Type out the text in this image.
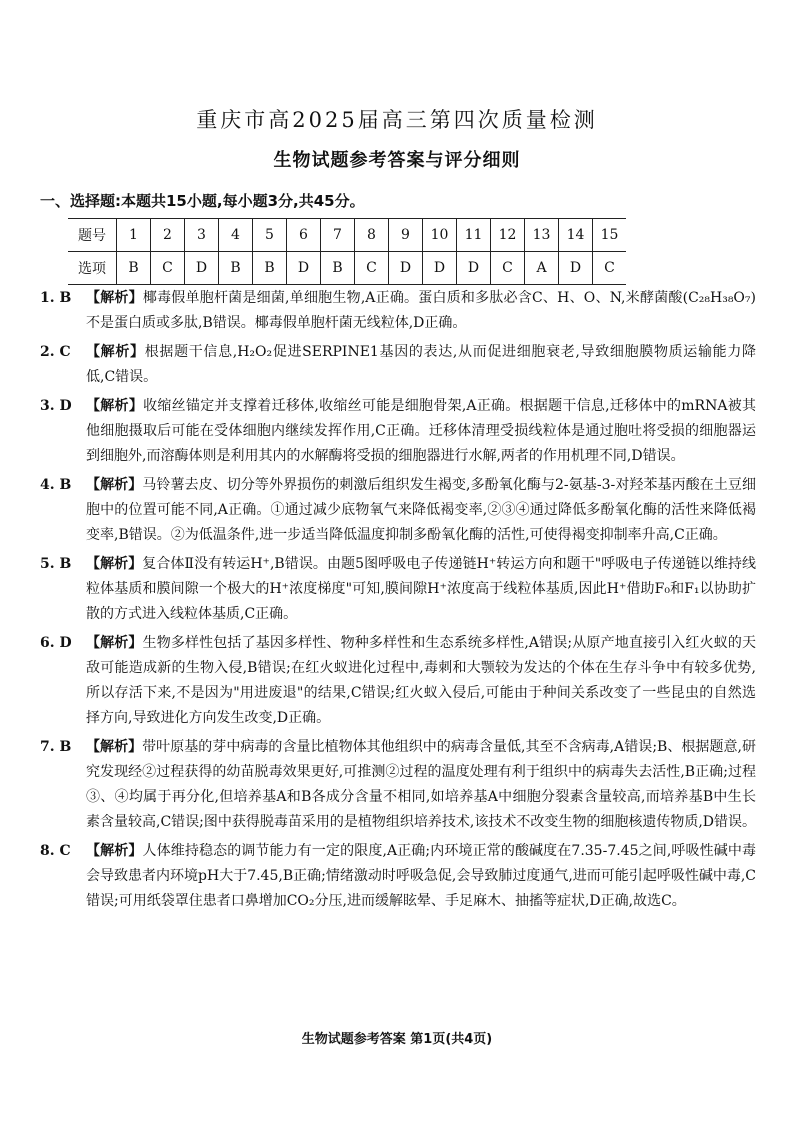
重庆市高2025届高三第四次质量检测
生物试题参考答案与评分细则
一、选择题:本题共15小题,每小题3分,共45分。
题号	1	2	3	4	5	6	7	8	9	10	11	12	13	14	15
选项	B	C	D	B	B	D	B	C	D	D	D	C	A	D	C
1. B	【解析】椰毒假单胞杆菌是细菌,单细胞生物,A正确。蛋白质和多肽必含C、H、O、N,米酵菌酸(C₂₈H₃₈O₇)不是蛋白质或多肽,B错误。椰毒假单胞杆菌无线粒体,D正确。
2. C	【解析】根据题干信息,H₂O₂促进SERPINE1基因的表达,从而促进细胞衰老,导致细胞膜物质运输能力降低,C错误。
3. D	【解析】收缩丝锚定并支撑着迁移体,收缩丝可能是细胞骨架,A正确。根据题干信息,迁移体中的mRNA被其他细胞摄取后可能在受体细胞内继续发挥作用,C正确。迁移体清理受损线粒体是通过胞吐将受损的细胞器运到细胞外,而溶酶体则是利用其内的水解酶将受损的细胞器进行水解,两者的作用机理不同,D错误。
4. B	【解析】马铃薯去皮、切分等外界损伤的刺激后组织发生褐变,多酚氧化酶与2-氨基-3-对羟苯基丙酸在土豆细胞中的位置可能不同,A正确。①通过减少底物氧气来降低褐变率,②③④通过降低多酚氧化酶的活性来降低褐变率,B错误。②为低温条件,进一步适当降低温度抑制多酚氧化酶的活性,可使得褐变抑制率升高,C正确。
5. B	【解析】复合体Ⅱ没有转运H⁺,B错误。由题5图呼吸电子传递链H⁺转运方向和题干"呼吸电子传递链以维持线粒体基质和膜间隙一个极大的H⁺浓度梯度"可知,膜间隙H⁺浓度高于线粒体基质,因此H⁺借助F₀和F₁以协助扩散的方式进入线粒体基质,C正确。
6. D	【解析】生物多样性包括了基因多样性、物种多样性和生态系统多样性,A错误;从原产地直接引入红火蚁的天敌可能造成新的生物入侵,B错误;在红火蚁进化过程中,毒刺和大颚较为发达的个体在生存斗争中有较多优势,所以存活下来,不是因为"用进废退"的结果,C错误;红火蚁入侵后,可能由于种间关系改变了一些昆虫的自然选择方向,导致进化方向发生改变,D正确。
7. B	【解析】带叶原基的芽中病毒的含量比植物体其他组织中的病毒含量低,其至不含病毒,A错误;B、根据题意,研究发现经②过程获得的幼苗脱毒效果更好,可推测②过程的温度处理有利于组织中的病毒失去活性,B正确;过程③、④均属于再分化,但培养基A和B各成分含量不相同,如培养基A中细胞分裂素含量较高,而培养基B中生长素含量较高,C错误;图中获得脱毒苗采用的是植物组织培养技术,该技术不改变生物的细胞核遗传物质,D错误。
8. C	【解析】人体维持稳态的调节能力有一定的限度,A正确;内环境正常的酸碱度在7.35-7.45之间,呼吸性碱中毒会导致患者内环境pH大于7.45,B正确;情绪激动时呼吸急促,会导致肺过度通气,进而可能引起呼吸性碱中毒,C错误;可用纸袋罩住患者口鼻增加CO₂分压,进而缓解眩晕、手足麻木、抽搐等症状,D正确,故选C。
生物试题参考答案 第1页(共4页)
